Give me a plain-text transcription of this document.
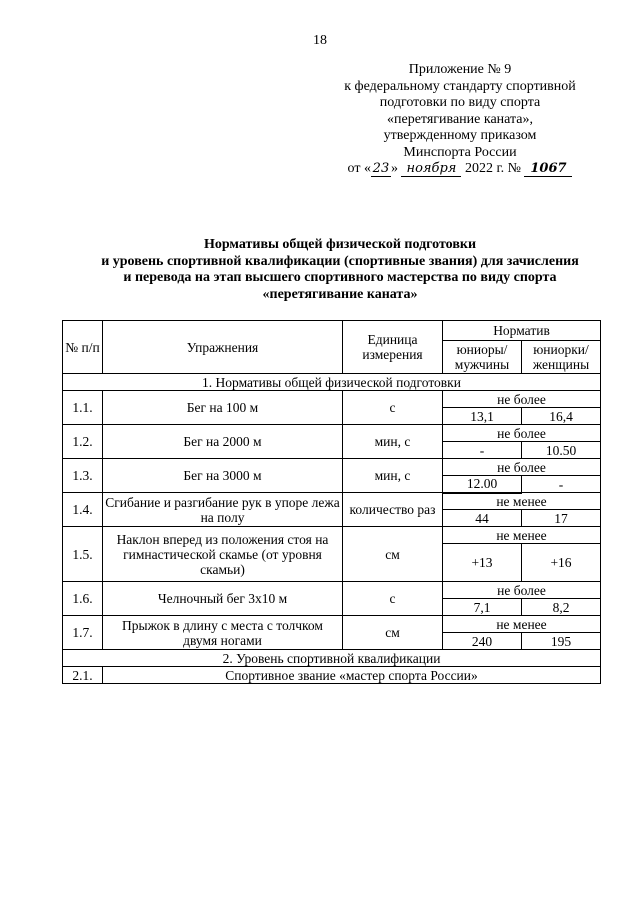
18
Приложение № 9
к федеральному стандарту спортивной
подготовки по виду спорта
«перетягивание каната»,
утвержденному приказом
Минспорта России
от « 23 » ноября 2022 г. № 1067
Нормативы общей физической подготовки
и уровень спортивной квалификации (спортивные звания) для зачисления
и перевода на этап высшего спортивного мастерства по виду спорта
«перетягивание каната»
№ п/п	Упражнения	Единица измерения	Норматив	
			юниоры/ мужчины	юниорки/ женщины
1. Нормативы общей физической подготовки				
1.1.	Бег на 100 м	с	не более	
			13,1	16,4
1.2.	Бег на 2000 м	мин, с	не более	
			-	10.50
1.3.	Бег на 3000 м	мин, с	не более	
			12.00	-
1.4.	Сгибание и разгибание рук в упоре лежа на полу	количество раз	не менее	
			44	17
1.5.	Наклон вперед из положения стоя на гимнастической скамье (от уровня скамьи)	см	не менее	
			+13	+16
1.6.	Челночный бег 3х10 м	с	не более	
			7,1	8,2
1.7.	Прыжок в длину с места с толчком двумя ногами	см	не менее	
			240	195
2. Уровень спортивной квалификации				
2.1.	Спортивное звание «мастер спорта России»			
